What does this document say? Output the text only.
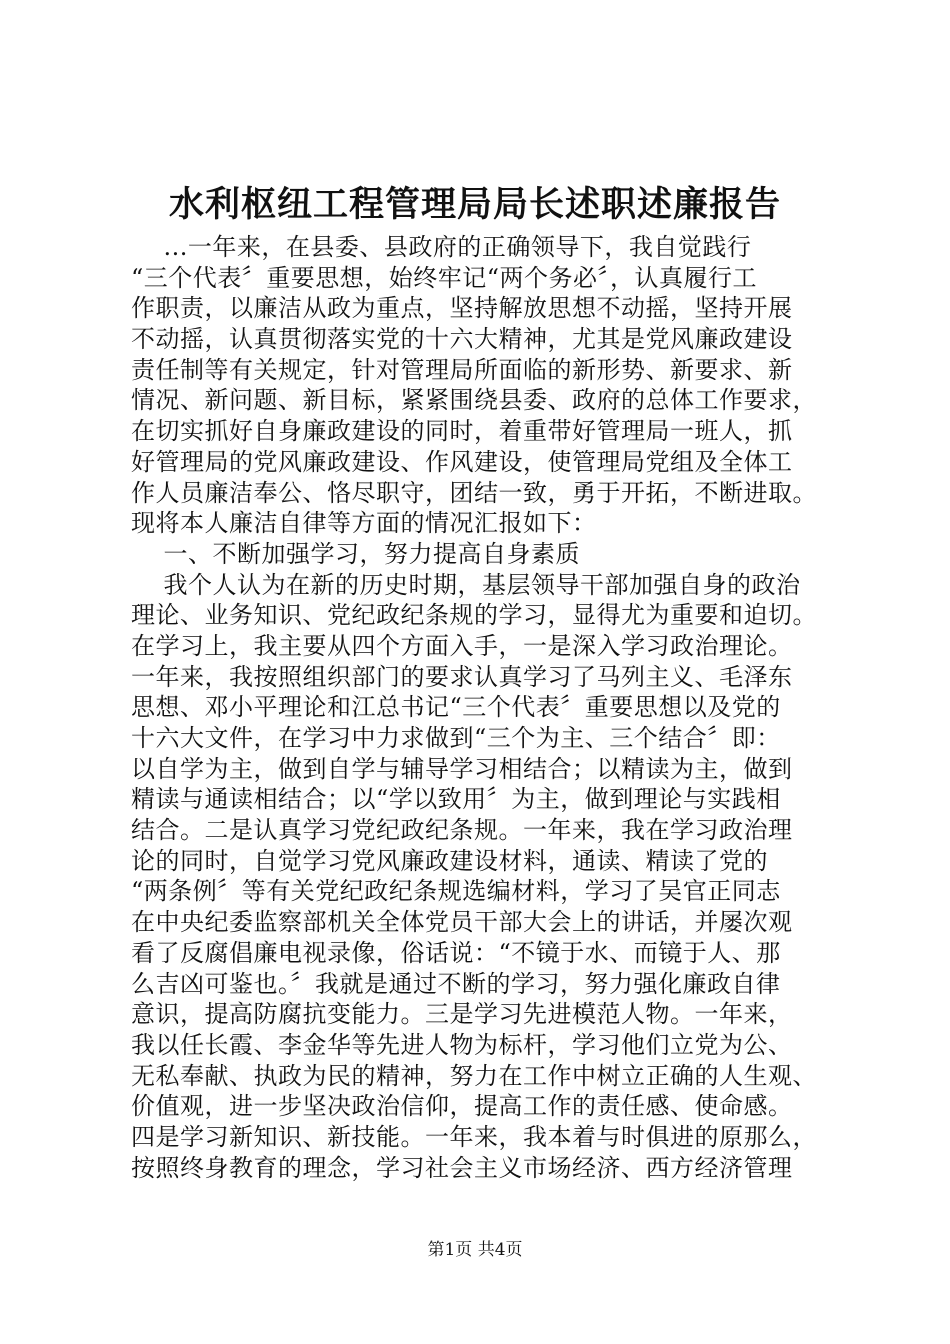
水利枢纽工程管理局局长述职述廉报告
...一年来，在县委、县政府的正确领导下，我自觉践行
“三个代表〞重要思想，始终牢记“两个务必〞，认真履行工
作职责，以廉洁从政为重点，坚持解放思想不动摇，坚持开展
不动摇，认真贯彻落实党的十六大精神，尤其是党风廉政建设
责任制等有关规定，针对管理局所面临的新形势、新要求、新
情况、新问题、新目标，紧紧围绕县委、政府的总体工作要求，
在切实抓好自身廉政建设的同时，着重带好管理局一班人，抓
好管理局的党风廉政建设、作风建设，使管理局党组及全体工
作人员廉洁奉公、恪尽职守，团结一致，勇于开拓，不断进取。
现将本人廉洁自律等方面的情况汇报如下：
一、不断加强学习，努力提高自身素质
我个人认为在新的历史时期，基层领导干部加强自身的政治
理论、业务知识、党纪政纪条规的学习，显得尤为重要和迫切。
在学习上，我主要从四个方面入手，一是深入学习政治理论。
一年来，我按照组织部门的要求认真学习了马列主义、毛泽东
思想、邓小平理论和江总书记“三个代表〞重要思想以及党的
十六大文件，在学习中力求做到“三个为主、三个结合〞即：
以自学为主，做到自学与辅导学习相结合；以精读为主，做到
精读与通读相结合；以“学以致用〞为主，做到理论与实践相
结合。二是认真学习党纪政纪条规。一年来，我在学习政治理
论的同时，自觉学习党风廉政建设材料，通读、精读了党的
“两条例〞等有关党纪政纪条规选编材料，学习了吴官正同志
在中央纪委监察部机关全体党员干部大会上的讲话，并屡次观
看了反腐倡廉电视录像，俗话说：“不镜于水、而镜于人、那
么吉凶可鉴也。〞我就是通过不断的学习，努力强化廉政自律
意识，提高防腐抗变能力。三是学习先进模范人物。一年来，
我以任长霞、李金华等先进人物为标杆，学习他们立党为公、
无私奉献、执政为民的精神，努力在工作中树立正确的人生观、
价值观，进一步坚决政治信仰，提高工作的责任感、使命感。
四是学习新知识、新技能。一年来，我本着与时俱进的原那么，
按照终身教育的理念，学习社会主义市场经济、西方经济管理
第1页 共4页
